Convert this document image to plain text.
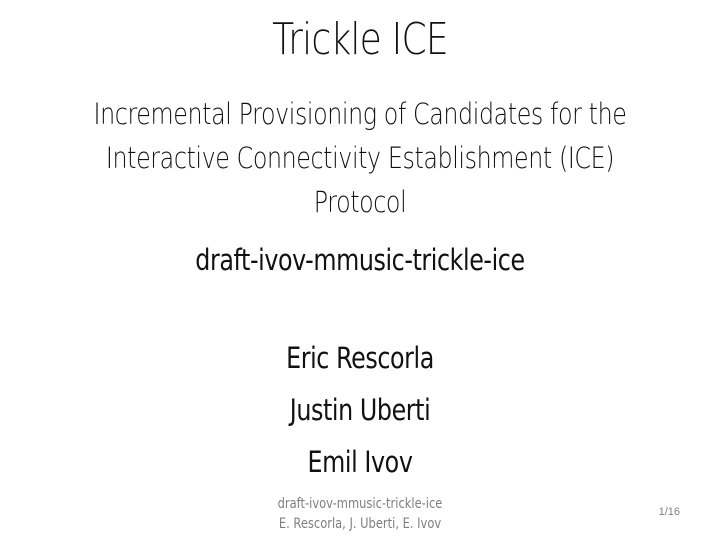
Trickle ICE
Incremental Provisioning of Candidates for the
Interactive Connectivity Establishment (ICE) Protocol
draft-ivov-mmusic-trickle-ice
Eric Rescorla
Justin Uberti
Emil Ivov
draft-ivov-mmusic-trickle-ice
E. Rescorla, J. Uberti, E. Ivov
1/16
